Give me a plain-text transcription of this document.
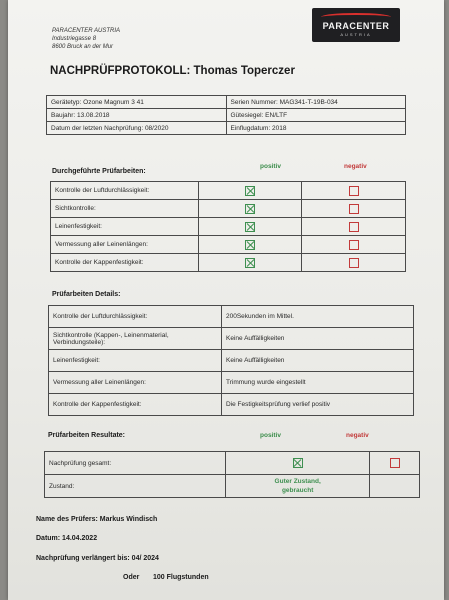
PARACENTER AUSTRIA
Industriegasse 8
8600 Bruck an der Mur
PARACENTER
AUSTRIA
NACHPRÜFPROTOKOLL: Thomas Toperczer
Gerätetyp: Ozone Magnum 3 41	Serien Nummer: MAG341-T-19B-034
Baujahr: 13.08.2018	Gütesiegel: EN/LTF
Datum der letzten Nachprüfung: 08/2020	Einflugdatum: 2018
Durchgeführte Prüfarbeiten:
positiv	negativ
Kontrolle der Luftdurchlässigkeit:		
Sichtkontrolle:		
Leinenfestigkeit:		
Vermessung aller Leinenlängen:		
Kontrolle der Kappenfestigkeit:		
Prüfarbeiten Details:
Kontrolle der Luftdurchlässigkeit:	200Sekunden im Mittel.
Sichtkontrolle (Kappen-, Leinenmaterial, Verbindungsteile):	Keine Auffälligkeiten
Leinenfestigkeit:	Keine Auffälligkeiten
Vermessung aller Leinenlängen:	Trimmung wurde eingestellt
Kontrolle der Kappenfestigkeit:	Die Festigkeitsprüfung verlief positiv
Prüfarbeiten Resultate:	positiv	negativ
Nachprüfung gesamt:		
Zustand:	Guter Zustand,
gebraucht	

Name des Prüfers: Markus Windisch
Datum: 14.04.2022
Nachprüfung verlängert bis: 04/ 2024
Oder 100 Flugstunden
